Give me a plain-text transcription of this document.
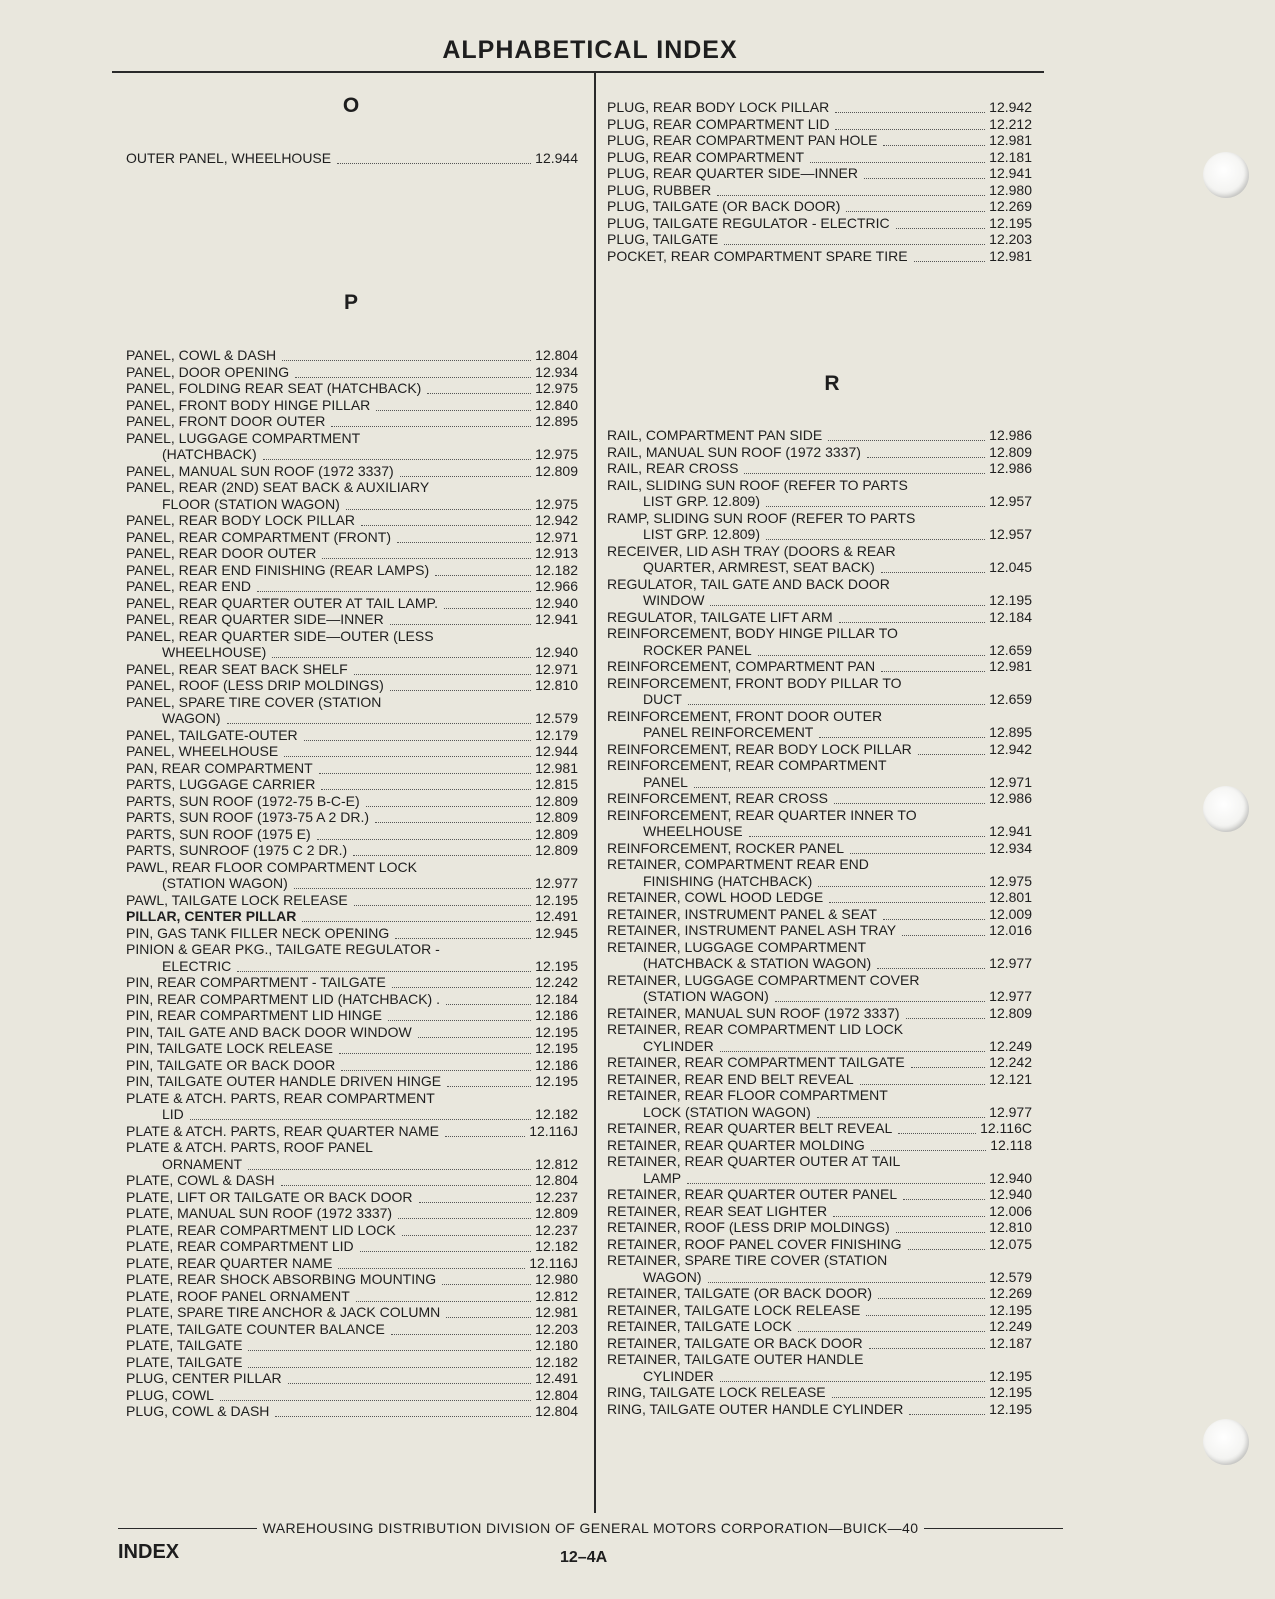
ALPHABETICAL INDEX
O
OUTER PANEL, WHEELHOUSE	12.944
P
PANEL, COWL & DASH	12.804
PANEL, DOOR OPENING	12.934
PANEL, FOLDING REAR SEAT (HATCHBACK)	12.975
PANEL, FRONT BODY HINGE PILLAR	12.840
PANEL, FRONT DOOR OUTER	12.895
PANEL, LUGGAGE COMPARTMENT
(HATCHBACK)	12.975
PANEL, MANUAL SUN ROOF (1972 3337)	12.809
PANEL, REAR (2ND) SEAT BACK & AUXILIARY
FLOOR (STATION WAGON)	12.975
PANEL, REAR BODY LOCK PILLAR	12.942
PANEL, REAR COMPARTMENT (FRONT)	12.971
PANEL, REAR DOOR OUTER	12.913
PANEL, REAR END FINISHING (REAR LAMPS)	12.182
PANEL, REAR END	12.966
PANEL, REAR QUARTER OUTER AT TAIL LAMP.	12.940
PANEL, REAR QUARTER SIDE—INNER	12.941
PANEL, REAR QUARTER SIDE—OUTER (LESS
WHEELHOUSE)	12.940
PANEL, REAR SEAT BACK SHELF	12.971
PANEL, ROOF (LESS DRIP MOLDINGS)	12.810
PANEL, SPARE TIRE COVER (STATION
WAGON)	12.579
PANEL, TAILGATE-OUTER	12.179
PANEL, WHEELHOUSE	12.944
PAN, REAR COMPARTMENT	12.981
PARTS, LUGGAGE CARRIER	12.815
PARTS, SUN ROOF (1972-75 B-C-E)	12.809
PARTS, SUN ROOF (1973-75 A 2 DR.)	12.809
PARTS, SUN ROOF (1975 E)	12.809
PARTS, SUNROOF (1975 C 2 DR.)	12.809
PAWL, REAR FLOOR COMPARTMENT LOCK
(STATION WAGON)	12.977
PAWL, TAILGATE LOCK RELEASE	12.195
PILLAR, CENTER PILLAR	12.491
PIN, GAS TANK FILLER NECK OPENING	12.945
PINION & GEAR PKG., TAILGATE REGULATOR -
ELECTRIC	12.195
PIN, REAR COMPARTMENT - TAILGATE	12.242
PIN, REAR COMPARTMENT LID (HATCHBACK) .	12.184
PIN, REAR COMPARTMENT LID HINGE	12.186
PIN, TAIL GATE AND BACK DOOR WINDOW	12.195
PIN, TAILGATE LOCK RELEASE	12.195
PIN, TAILGATE OR BACK DOOR	12.186
PIN, TAILGATE OUTER HANDLE DRIVEN HINGE	12.195
PLATE & ATCH. PARTS, REAR COMPARTMENT
LID	12.182
PLATE & ATCH. PARTS, REAR QUARTER NAME	12.116J
PLATE & ATCH. PARTS, ROOF PANEL
ORNAMENT	12.812
PLATE, COWL & DASH	12.804
PLATE, LIFT OR TAILGATE OR BACK DOOR	12.237
PLATE, MANUAL SUN ROOF (1972 3337)	12.809
PLATE, REAR COMPARTMENT LID LOCK	12.237
PLATE, REAR COMPARTMENT LID	12.182
PLATE, REAR QUARTER NAME	12.116J
PLATE, REAR SHOCK ABSORBING MOUNTING	12.980
PLATE, ROOF PANEL ORNAMENT	12.812
PLATE, SPARE TIRE ANCHOR & JACK COLUMN	12.981
PLATE, TAILGATE COUNTER BALANCE	12.203
PLATE, TAILGATE	12.180
PLATE, TAILGATE	12.182
PLUG, CENTER PILLAR	12.491
PLUG, COWL	12.804
PLUG, COWL & DASH	12.804
PLUG, REAR BODY LOCK PILLAR	12.942
PLUG, REAR COMPARTMENT LID	12.212
PLUG, REAR COMPARTMENT PAN HOLE	12.981
PLUG, REAR COMPARTMENT	12.181
PLUG, REAR QUARTER SIDE—INNER	12.941
PLUG, RUBBER	12.980
PLUG, TAILGATE (OR BACK DOOR)	12.269
PLUG, TAILGATE REGULATOR - ELECTRIC	12.195
PLUG, TAILGATE	12.203
POCKET, REAR COMPARTMENT SPARE TIRE	12.981
R
RAIL, COMPARTMENT PAN SIDE	12.986
RAIL, MANUAL SUN ROOF (1972 3337)	12.809
RAIL, REAR CROSS	12.986
RAIL, SLIDING SUN ROOF (REFER TO PARTS
LIST GRP. 12.809)	12.957
RAMP, SLIDING SUN ROOF (REFER TO PARTS
LIST GRP. 12.809)	12.957
RECEIVER, LID ASH TRAY (DOORS & REAR
QUARTER, ARMREST, SEAT BACK)	12.045
REGULATOR, TAIL GATE AND BACK DOOR
WINDOW	12.195
REGULATOR, TAILGATE LIFT ARM	12.184
REINFORCEMENT, BODY HINGE PILLAR TO
ROCKER PANEL	12.659
REINFORCEMENT, COMPARTMENT PAN	12.981
REINFORCEMENT, FRONT BODY PILLAR TO
DUCT	12.659
REINFORCEMENT, FRONT DOOR OUTER
PANEL REINFORCEMENT	12.895
REINFORCEMENT, REAR BODY LOCK PILLAR	12.942
REINFORCEMENT, REAR COMPARTMENT
PANEL	12.971
REINFORCEMENT, REAR CROSS	12.986
REINFORCEMENT, REAR QUARTER INNER TO
WHEELHOUSE	12.941
REINFORCEMENT, ROCKER PANEL	12.934
RETAINER, COMPARTMENT REAR END
FINISHING (HATCHBACK)	12.975
RETAINER, COWL HOOD LEDGE	12.801
RETAINER, INSTRUMENT PANEL & SEAT	12.009
RETAINER, INSTRUMENT PANEL ASH TRAY	12.016
RETAINER, LUGGAGE COMPARTMENT
(HATCHBACK & STATION WAGON)	12.977
RETAINER, LUGGAGE COMPARTMENT COVER
(STATION WAGON)	12.977
RETAINER, MANUAL SUN ROOF (1972 3337)	12.809
RETAINER, REAR COMPARTMENT LID LOCK
CYLINDER	12.249
RETAINER, REAR COMPARTMENT TAILGATE	12.242
RETAINER, REAR END BELT REVEAL	12.121
RETAINER, REAR FLOOR COMPARTMENT
LOCK (STATION WAGON)	12.977
RETAINER, REAR QUARTER BELT REVEAL	12.116C
RETAINER, REAR QUARTER MOLDING	12.118
RETAINER, REAR QUARTER OUTER AT TAIL
LAMP	12.940
RETAINER, REAR QUARTER OUTER PANEL	12.940
RETAINER, REAR SEAT LIGHTER	12.006
RETAINER, ROOF (LESS DRIP MOLDINGS)	12.810
RETAINER, ROOF PANEL COVER FINISHING	12.075
RETAINER, SPARE TIRE COVER (STATION
WAGON)	12.579
RETAINER, TAILGATE (OR BACK DOOR)	12.269
RETAINER, TAILGATE LOCK RELEASE	12.195
RETAINER, TAILGATE LOCK	12.249
RETAINER, TAILGATE OR BACK DOOR	12.187
RETAINER, TAILGATE OUTER HANDLE
CYLINDER	12.195
RING, TAILGATE LOCK RELEASE	12.195
RING, TAILGATE OUTER HANDLE CYLINDER	12.195
WAREHOUSING DISTRIBUTION DIVISION OF GENERAL MOTORS CORPORATION—BUICK—40
INDEX	12–4A
